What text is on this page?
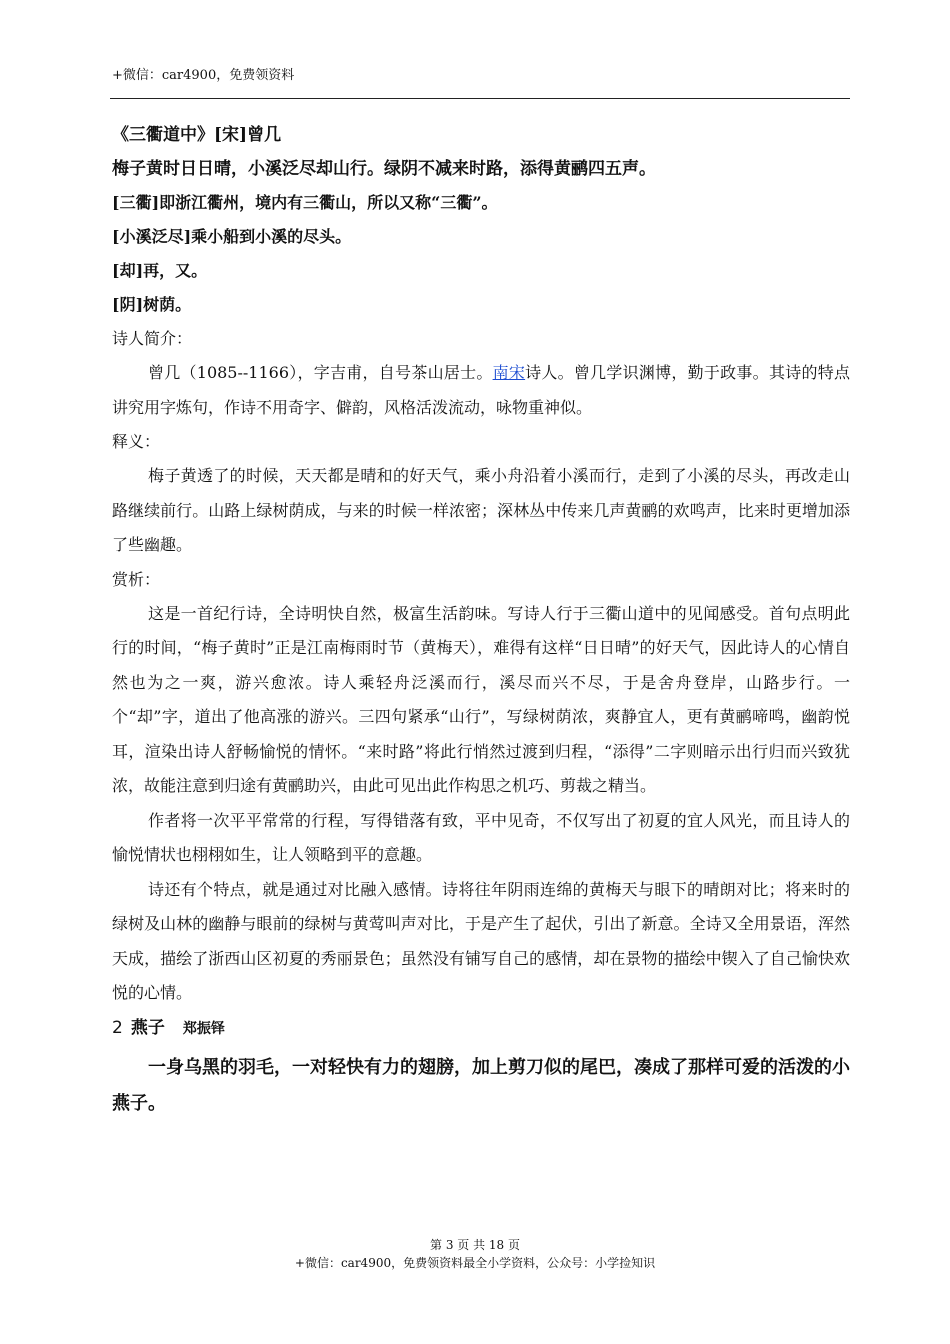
+微信：car4900，免费领资料
《三衢道中》[宋]曾几
梅子黄时日日晴，小溪泛尽却山行。绿阴不减来时路，添得黄鹂四五声。
[三衢]即浙江衢州，境内有三衢山，所以又称“三衢”。
[小溪泛尽]乘小船到小溪的尽头。
[却]再，又。
[阴]树荫。
诗人简介：

曾几（1085--1166），字吉甫，自号茶山居士。南宋诗人。曾几学识渊博，勤于政事。其诗的特点讲究用字炼句，作诗不用奇字、僻韵，风格活泼流动，咏物重神似。

释义：

梅子黄透了的时候，天天都是晴和的好天气，乘小舟沿着小溪而行，走到了小溪的尽头，再改走山路继续前行。山路上绿树荫成，与来的时候一样浓密；深林丛中传来几声黄鹂的欢鸣声，比来时更增加添了些幽趣。

赏析：

这是一首纪行诗，全诗明快自然，极富生活韵味。写诗人行于三衢山道中的见闻感受。首句点明此行的时间，“梅子黄时”正是江南梅雨时节（黄梅天），难得有这样“日日晴”的好天气，因此诗人的心情自然也为之一爽，游兴愈浓。诗人乘轻舟泛溪而行，溪尽而兴不尽，于是舍舟登岸，山路步行。一个“却”字，道出了他高涨的游兴。三四句紧承“山行”，写绿树荫浓，爽静宜人，更有黄鹂啼鸣，幽韵悦耳，渲染出诗人舒畅愉悦的情怀。“来时路”将此行悄然过渡到归程，“添得”二字则暗示出行归而兴致犹浓，故能注意到归途有黄鹂助兴，由此可见出此作构思之机巧、剪裁之精当。

作者将一次平平常常的行程，写得错落有致，平中见奇，不仅写出了初夏的宜人风光，而且诗人的愉悦情状也栩栩如生，让人领略到平的意趣。

诗还有个特点，就是通过对比融入感情。诗将往年阴雨连绵的黄梅天与眼下的晴朗对比；将来时的绿树及山林的幽静与眼前的绿树与黄莺叫声对比，于是产生了起伏，引出了新意。全诗又全用景语，浑然天成，描绘了浙西山区初夏的秀丽景色；虽然没有铺写自己的感情，却在景物的描绘中锲入了自己愉快欢悦的心情。

2 燕子 郑振铎

一身乌黑的羽毛，一对轻快有力的翅膀，加上剪刀似的尾巴，凑成了那样可爱的活泼的小燕子。

第 3 页 共 18 页
+微信：car4900，免费领资料最全小学资料，公众号：小学捡知识
